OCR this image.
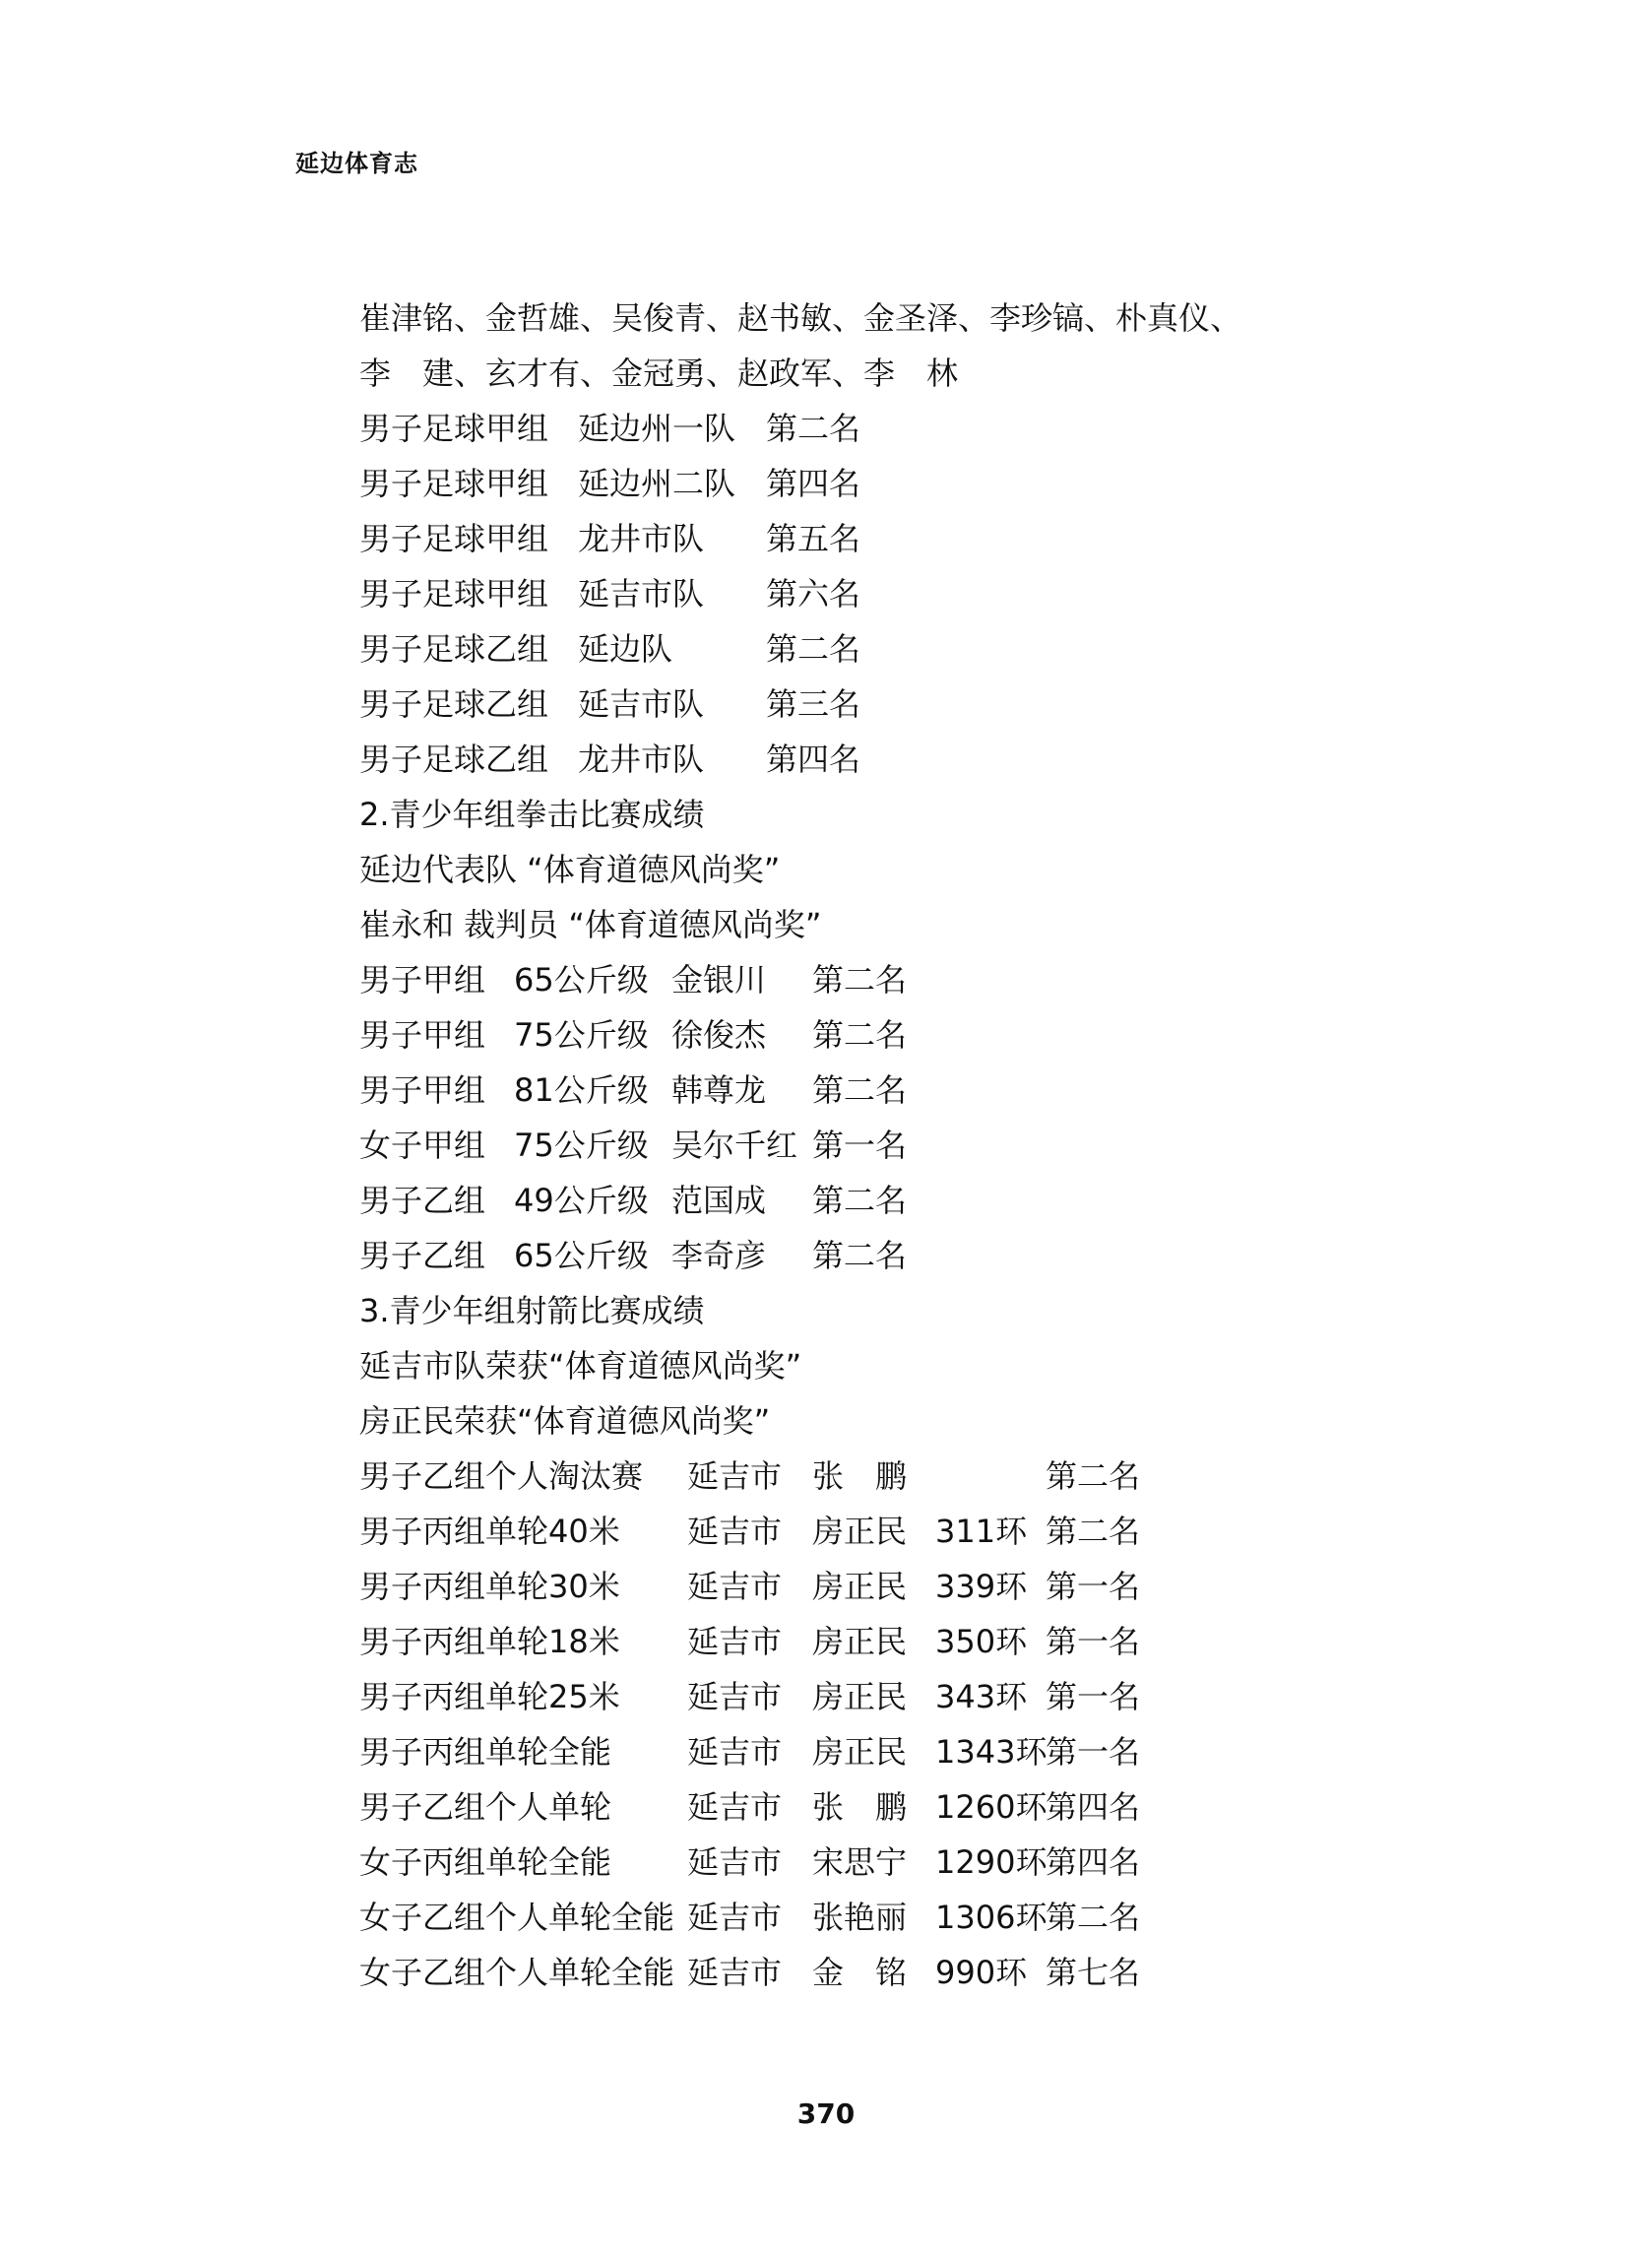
延边体育志
崔津铭、金哲雄、吴俊青、赵书敏、金圣泽、李珍镐、朴真仪、
李　建、玄才有、金冠勇、赵政军、李　林
男子足球甲组 延边州一队 第二名
男子足球甲组 延边州二队 第四名
男子足球甲组 龙井市队 第五名
男子足球甲组 延吉市队 第六名
男子足球乙组 延边队	第二名
男子足球乙组 延吉市队 第三名
男子足球乙组 龙井市队 第四名
2.青少年组拳击比赛成绩
延边代表队 “体育道德风尚奖”
崔永和 裁判员 “体育道德风尚奖”
男子甲组 65公斤级 金银川 第二名
男子甲组 75公斤级 徐俊杰 第二名
男子甲组 81公斤级 韩尊龙 第二名
女子甲组 75公斤级 吴尔千红 第一名
男子乙组 49公斤级 范国成 第二名
男子乙组 65公斤级 李奇彦 第二名
3.青少年组射箭比赛成绩
延吉市队荣获“体育道德风尚奖”
房正民荣获“体育道德风尚奖”
男子乙组个人淘汰赛 延吉市 张　鹏	第二名
男子丙组单轮40米 延吉市 房正民 311环 第二名
男子丙组单轮30米 延吉市 房正民 339环 第一名
男子丙组单轮18米 延吉市 房正民 350环 第一名
男子丙组单轮25米 延吉市 房正民 343环 第一名
男子丙组单轮全能 延吉市 房正民 1343环
第一名
男子乙组个人单轮 延吉市 张　鹏 1260环
第四名
女子丙组单轮全能 延吉市 宋思宁 1290环
第四名
女子乙组个人单轮全能 延吉市 张艳丽 1306环
第二名
女子乙组个人单轮全能 延吉市 金　铭 990环 第七名
370
